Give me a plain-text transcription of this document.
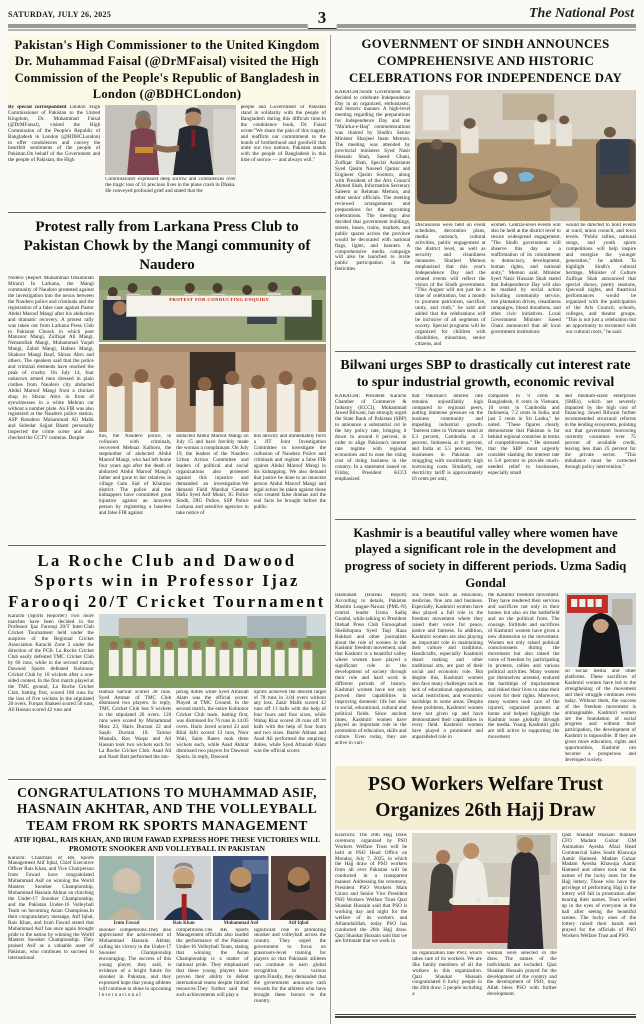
SATURDAY, JULY 26, 2025	The National Post
3
Pakistan's High Commissioner to the United Kingdom Dr. Muhammad Faisal (@DrMFaisal) visited the High Commission of the People's Republic of Bangladesh in London (@BDHCLondon)
By special correspondent London :High Commissioner of Pakistan to the United Kingdom, Dr. Muhammad Faisal (@DrMFaisal), visited the High Commission of the People's Republic of Bangladesh in London (@BDHCLondon) to offer condolences and convey the heartfelt sentiments of the people of Pakistan.On behalf of the Government and the people of Pakistan, the High
Commissioner expressed deep sorrow and condolences over the tragic loss of 31 precious lives in the plane crash in Dhaka. He conveyed profound grief and stated that the
people and Government of Pakistan stand in solidarity with the people of Bangladesh during this difficult time.In the condolence book, Dr. Faisal wrote:"We share the pain of this tragedy and reaffirm our commitment to the bonds of brotherhood and goodwill that unite our two nations. Pakistan stands with the people of Bangladesh in this time of sorrow — and always will."
Protest rally from Larkana Press Club to Pakistan Chowk by the Mangi community of Naudero
Nodero (Report Muhammad Obaidullah Mirani) In Larkana, the Mangi community of Naudero protested against the investigation into the nexus between the Naudero police and criminals and the registration of a false case against Pastor Abdul Maroof Mangi after his abduction and dramatic recovery. A protest rally was taken out from Larkana Press Club to Pakistan Chowk in which poet Manzoor Mangi, Zulfiqar Ali Mangi, Nematullah Mangi, Muhammad Yaqub Mangi, Zahid Mangi, Hafeez Mangi, Shakoor Mangi Rauf, Shiraz Abro and others. The speakers said that the police and criminal elements have reached the peak of cruelty. On July 14, four unknown armed men dressed in plain clothes from Naudero city abducted Abdul Maroof Mangi from a chicken shop in Shiraz Abro in front of eyewitnesses in a white Mehran car without a number plate. An FIR was also registered at the Naudero police station. ASP Ratodero Muhammad Ali Malik and Subedar Sajjad Bhatti personally inspected the crime scene and also checked the CCTV cameras. Despite
PROTEST FOR CONDUCTING ENQUIRY
this, the Naudero police, in collusion with criminals, recovered Mehnaz Kalhoro, the stepmother of abducted Abdul Maroof Mangi, who had left home four years ago after the death of abducted Abdul Maroof Mangi's father and gone to her relatives in village Galo Sial of Khairpur district. The police and the kidnappers have committed great injustice against an innocent person by registering a baseless and false FIR against
abducted Abdul Maroof Mangi on July 15 and have forcibly made the woman a complainant. On July 19, the leaders of the Naudero Urban Action Committee and leaders of political and social organizations also protested against this injustice and demanded an investigation.We demand Field Marshal General Hafiz Syed Asif Munir, IG Police Sindh, DIG Police, SSP Police Larkana and sensitive agencies to take notice of
this atrocity and immediately form a JIT Joint Investigation Committee to investigate the collusion of Naudero Police and criminals and register a false FIR against Abdul Maroof Mangi in his kidnapping. We also demand that justice be done to an innocent person Abdul Maroof Mangi and legal action be taken against those who created false dramas and the real facts be brought before the public.
La Roche Club and Dawood Sports win in Professor Ijaz Farooqi 20/T Cricket Tournament
Karachi (Sports Reporter) Two more matches have been decided in the Professor Ijaz Farooqi 20/T Inter-Club Cricket Tournament held under the auspices of the Regional Cricket Association Karachi Zone 2 under the direction of the PCB. La Roche Cricket Club easily defeated TMC Cricket Club by 60 runs, while in the second match, Dawood Sports defeated Kohinoor Cricket Club by 10 wickets after a one-sided contest. In the first match played at the TMC ground, La Roche Cricket Club, batting first, scored 180 runs for the loss of five wickets in the stipulated 20 overs. Furqan Shakeel scored 50 runs, Ali Hassan scored 42 runs and
Hamza Sarwar scored 38 runs. Syed Ammar of TMC Club dismissed two players. In reply, TMC Cricket Club lost 9 wickets in the stipulated 20 overs. 120 runs were scored by Muhammad Moiz 23, Haris Durrani 22 and Saqib Durrani 18. Taimur Mustafa, Rao Waqar and Ali Hassan took two wickets each for La Roche Cricket Club. Asad Ali and Nasir Butt performed the um-
piring duties while Syed Afrasiab Alam was the official scorer. Played at TMC Ground. In the second match, the entire Kohinoor Cricket Club team, batting first, was dismissed for 76 runs in 14.05 overs. Haris Javed scored 23 and Bilal Jafri scored 13 runs, Noor Wali, Saim Raees took three wickets each, while Asad Akhtar dismissed two players for Dawood Sports. In reply, Dawood
Sports achieved the desired target of 78 runs in 3.04 overs without any loss. Zakir Malik scored 42 runs off 13 balls with the help of four fours and four sixes, while Wahaj Riaz scored 28 runs off 10 balls with the help of four fours and two sixes. Bashir Abbasi and Asad Ali performed the umpiring duties, while Syed Afrasiab Alam was the official scorer.
CONGRATULATIONS TO MUHAMMAD ASIF, HASNAIN AKHTAR, AND THE VOLLEYBALL TEAM FROM RK SPORTS MANAGEMENT
ATIF IQBAL, RAIS KHAN, AND IRUM FAWAD EXPRESS HOPE THESE VICTORIES WILL PROMOTE SNOOKER AND VOLLEYBALL IN PAKISTAN
Karachi: Chairman of RK Sports Management Atif Iqbal, Chief Executive Officer Rais Khan, and Vice Chairperson Irum Fawad have congratulated Muhammad Asif on winning the World Masters Snooker Championship, Muhammad Hasnain Akhtar on clinching the Under-17 Snooker Championship, and the Pakistan Under-16 Volleyball Team on becoming Asian Champions.In their congratulatory message, Atif Iqbal, Rais Khan, and Irum Fawad stated that Muhammad Asif has once again brought pride to the nation by winning the World Masters Snooker Championship. They praised Asif as a valuable asset of Pakistan, who continues to succeed in international
Irum Fawad	Rais Khan	Muhammad Asif	Atif Iqbal
snooker competitions.They also appreciated the achievement of Muhammad Hasnain Akhtar, calling his victory in the Under-17 Snooker Championship encouraging. The success of this young player, they said, is evidence of a bright future for snooker in Pakistan, and they expressed hope that young athletes will continue to shine in upcoming i n t e r n a t i o n a l
competitions.The RK Sports Management officials also lauded the performance of the Pakistan Under-16 Volleyball Team, stating that winning the Asian Championship is a matter of national pride. They emphasized that these young players have proven their ability to defeat international teams despite limited resources.They further said that such achievements will play a
significant role in promoting snooker and volleyball across the country. They urged the government to focus on grassroots-level training for players so that Pakistani athletes can continue to earn global recognition in various sports.Finally, they demanded that the government announce cash rewards for the athletes who have brought these honors to the country.
GOVERNMENT OF SINDH ANNOUNCES COMPREHENSIVE AND HISTORIC CELEBRATIONS FOR INDEPENDENCE DAY
KARACHI:Sindh Government has decided to celebrate Independence Day in an organized, enthusiastic, and historic manner. A high-level meeting regarding the preparations for Independence Day and the "Ma'arka-e-Haq" commemorations was chaired by Sindh's Senior Minister Sharjeel Inam Memon. The meeting was attended by provincial ministers Syed Nasir Hussain Shah, Saeed Ghani, Zulfiqar Shah, Special Assistants Syed Qasim Naveed Qamar and Engineer Qasim Soomro, along with President of the Arts Council Ahmed Shah, Information Secretary Saleem ur Rehman Memon, and other senior officials. The meeting reviewed arrangements and preparations for the upcoming celebrations. The meeting also decided that government buildings, streets, buses, trains, markets, and public spaces across the province would be decorated with national flags, lights, and banners. A comprehensive media campaign will also be launched to invite public participation in the festivities.
Discussions were held on event schedules, decoration plans, media outreach, cultural activities, public engagement at the district level, as well as security and cleanliness measures. Sharjeel Memon emphasized that this year's Independence Day and the related events will reflect the vision of the Sindh government. "This August will not just be a time of celebration, but a month to promote patriotism, sacrifice, unity, and truth," he said and added that the celebrations will be inclusive of all segments of society. Special programs will be organized for children with disabilities, minorities, senior citizens, and
women. Central-level events will also be held at the district level to ensure widespread engagement. "The Sindh government will observe this day as a reaffirmation of its commitment to democracy, development, human rights, and national unity," Memon said. Minister Syed Nasir Hussain Shah stated that Independence Day will also be marked by social action including community service, tree plantation drives, cleanliness campaigns, blood donations, and other civic initiatives. Local Government Minister Saeed Ghani announced that all local government institutions
would be directed to hold events at ward, union council, and town levels. "Public rallies, national songs, and youth sports competitions will help inspire and energize the younger generation," he added. To highlight Sindh's cultural heritage, Minister of Culture Zulfiqar Shah announced that special shows, poetry sessions, Qawwali nights, and theatrical performances would be organized with the participation of the Arts Council, schools, colleges, and theater groups. "This is not just a celebration but an opportunity to reconnect with our cultural roots," he said.
Bilwani urges SBP to drastically cut interest rate to spur industrial growth, economic revival
KARACHI: President Karachi Chamber of Commerce & Industry (KCCI), Muhammad Jawed Bilwani, has strongly urged the State Bank of Pakistan (SBP) to announce a substantial cut in the key policy rate, bringing it down to around 6 percent, in order to align Pakistan's interest rate regime with regional economies and to ease the rising cost of doing business in the country. In a statement issued on Friday, President KCCI emphasized
that Pakistan's interest rate remains unjustifiably high compared to regional peers, putting immense pressure on the business community and impeding industrial growth. "Interest rates in Vietnam stand at 6.3 percent, Cambodia at 3 percent, Indonesia at 6 percent, and India at 5.5 percent. Yet, businesses in Pakistan are struggling with exorbitantly high borrowing costs. Similarly, our electricity tariff is approximately 16 cents per unit,
compared to 9 cents in Bangladesh, 8 cents in Vietnam, 10 cents in Cambodia and Indonesia, 7.2 cents in India, and just 5 cents in Sri Lanka," he noted. "These figures clearly demonstrate that Pakistan is far behind regional countries in terms of competitiveness." He stressed that the SBP must urgently consider slashing the interest rate to 5-6 percent to provide much-needed relief to businesses, especially small
and medium-sized enterprises (SMEs), which are severely impacted by the high cost of financing. Jawed Bilwani further recommended structural reforms in the lending ecosystem, pointing out that government borrowing currently consumes over 75 percent of available credit, leaving less than 25 percent for the private sector. "This imbalance must be corrected through policy intervention."
Kashmir is a beautiful valley where women have played a significant role in the development and progress of society in different periods. Uzma Sadiq Gondal
Islamabad (Bureau Report) According to details, Pakistan Muslim League-Nawaz (PML-N) central leader Uzma Sadiq Gondal, while talking to President Ittehad Press Club Farooqabad Sheikhupura Syed Taqi Raza Bukhari and other journalists about the role of women in the Kashmir freedom movement, said that Kashmir is a beautiful valley where women have played a significant role in the development of society through their role and hard work in different periods of history. Kashmiri women have not only proved their capabilities in improving domestic life but also in social, educational, cultural and political fields. Since ancient times, Kashmiri women have played an important role in the promotion of education, skills and culture. Even today, they are active in vari-
ous fields such as education, medicine, fine arts and business. Especially, Kashmiri women have also played a full role in the freedom movement where they raised their voice for peace, justice and fairness. In addition, Kashmiri women are also playing an important role in maintaining their culture and traditions. Handicrafts, especially Kashmiri shawl making and other traditional arts, are part of their social and economic role. But despite this, Kashmiri women also face many challenges such as lack of educational opportunities, social restrictions, and economic hardships in some areas. Despite these problems, Kashmiri women have not given up and have demonstrated their capabilities in every field. Kashmiri women have played a prominent and unparalleled role in
the Kashmir freedom movement. They have rendered their services and sacrifices not only in their homes but also on the battlefield and on the political front. The courage, fortitude and sacrifices of Kashmiri women have given a new dimension to the movement. Women not only raised political consciousness during the movement but also raised the voice of freedom by participating in protests, rallies and various political activities. Many women got themselves arrested, endured the hardships of imprisonment and risked their lives to raise their voices for their rights. Moreover, many women took care of the injured, organized protests at home and helped highlight the Kashmir issue globally through the media. Young Kashmiri girls are still active in supporting the movement
on social media and other platforms. These sacrifices of Kashmiri women have led to the strengthening of the movement and their struggle continues even today. Without them, the success of the freedom movement is unimaginable. Kashmiri women are the foundation of social progress and without their participation, the development of Kashmir is impossible. If they are given more education, rights and opportunities, Kashmir can become a prosperous and developed society.
PSO Workers Welfare Trust Organizes 26th Hajj Draw
Krachchi: The 26th Hajj Draw ceremony organized by PSO Workers Welfare Trust will be held at PSO Head Office on Monday, July 7, 2025, in which the Hajj draw of PSO workers from all over Pakistan will be conducted in a transparent manner. Addressing the ceremony, President PSO Workers Main Union and Senior Vice President PSO Workers Welfare Trust Qazi Shaukat Hussain said that PSO is working day and night for the welfare of its workers and Alhamdulillah, today PSO has conducted the 26th Hajj draw. Qazi Shaukat Hussain said that we are fortunate that we work in
an organization like PSO, which takes care of its workers. We are like family members of all the workers in this organization. Qazi Shaukat Hussain congratulated 6 lucky people in the 26th draw. 5 people including a
woman were selected in the draw. The names of the individuals are included. Qazi Shaukat Hussain prayed for the development of the country and the development of PSO, may Allah bless PSO with further development.
Qazi Shaukat Hussain thanked CFO Madam Gulzar GM Animation Ayesha Afzal Head Commercial Sales South Khawaja Aamir Hameed. Madam Gulzar Madam Ayesha Khawaja Aamir Hameed and others took out the names of the lucky ones for the Hajj lottery. Those who have the privilege of performing Hajj in the lottery will fall in prostration after hearing their names. Tears welled up in the eyes of everyone in the hall after seeing the beautiful scenes. The lucky ones of the lottery raised their hands and prayed for the officials of PSO Workers Welfare Trust and PSO.
